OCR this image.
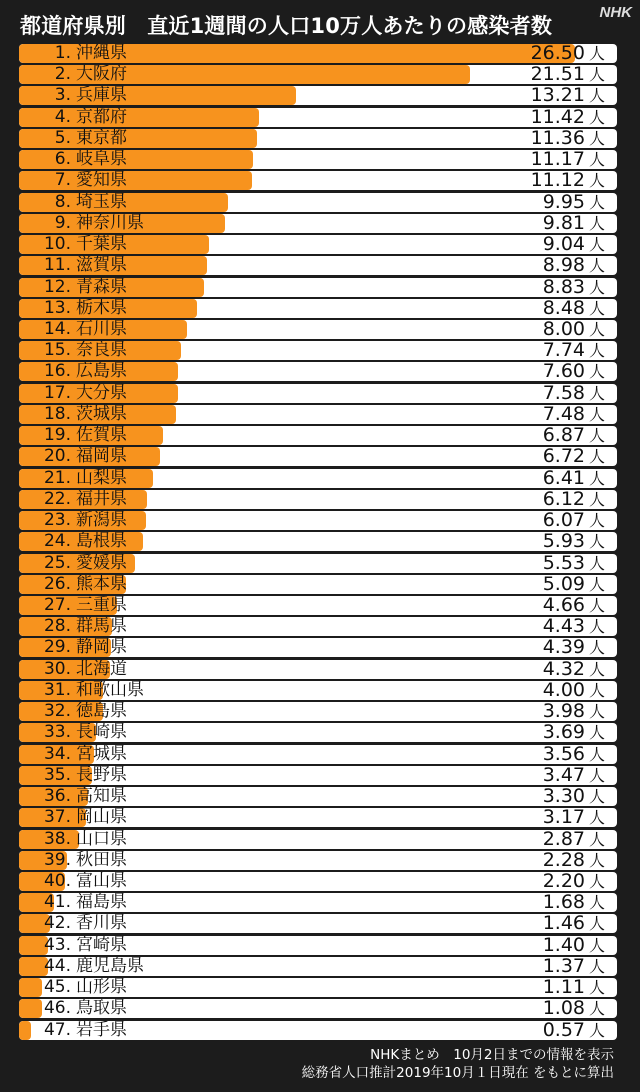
都道府県別　直近1週間の人口10万人あたりの感染者数
NHK
1. 沖縄県	26.50 人
2. 大阪府	21.51 人
3. 兵庫県	13.21 人
4. 京都府	11.42 人
5. 東京都	11.36 人
6. 岐阜県	11.17 人
7. 愛知県	11.12 人
8. 埼玉県	9.95 人
9. 神奈川県	9.81 人
10. 千葉県	9.04 人
11. 滋賀県	8.98 人
12. 青森県	8.83 人
13. 栃木県	8.48 人
14. 石川県	8.00 人
15. 奈良県	7.74 人
16. 広島県	7.60 人
17. 大分県	7.58 人
18. 茨城県	7.48 人
19. 佐賀県	6.87 人
20. 福岡県	6.72 人
21. 山梨県	6.41 人
22. 福井県	6.12 人
23. 新潟県	6.07 人
24. 島根県	5.93 人
25. 愛媛県	5.53 人
26. 熊本県	5.09 人
27. 三重県	4.66 人
28. 群馬県	4.43 人
29. 静岡県	4.39 人
30. 北海道	4.32 人
31. 和歌山県	4.00 人
32. 徳島県	3.98 人
33. 長崎県	3.69 人
34. 宮城県	3.56 人
35. 長野県	3.47 人
36. 高知県	3.30 人
37. 岡山県	3.17 人
38. 山口県	2.87 人
39. 秋田県	2.28 人
40. 富山県	2.20 人
41. 福島県	1.68 人
42. 香川県	1.46 人
43. 宮崎県	1.40 人
44. 鹿児島県	1.37 人
45. 山形県	1.11 人
46. 鳥取県	1.08 人
47. 岩手県	0.57 人
NHKまとめ　10月2日までの情報を表示
総務省人口推計2019年10月１日現在 をもとに算出
